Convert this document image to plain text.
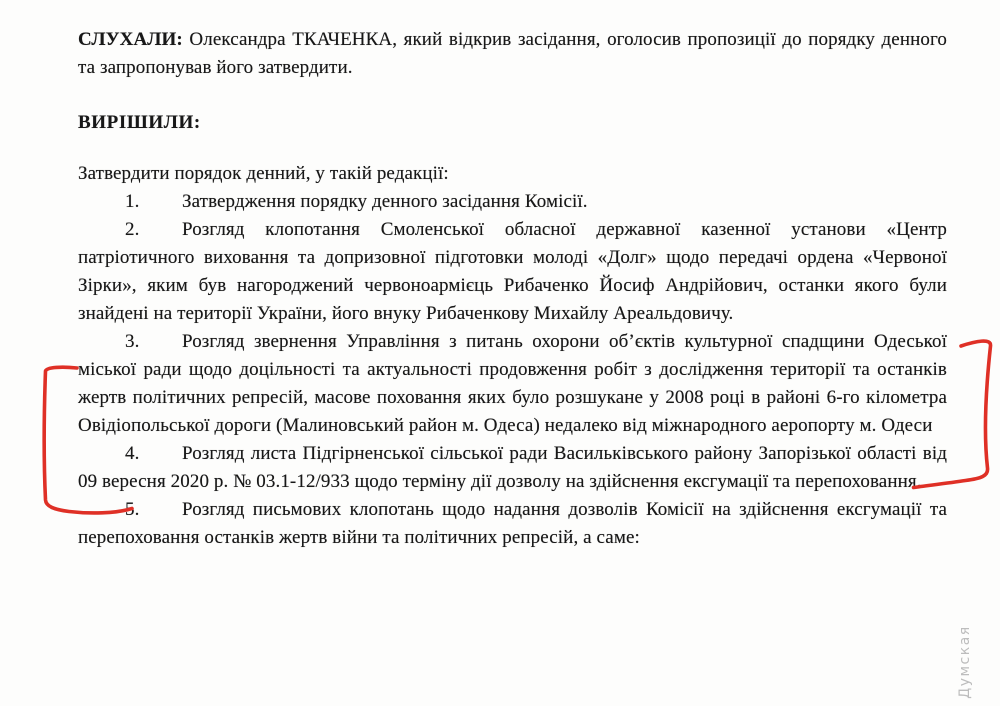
СЛУХАЛИ: Олександра ТКАЧЕНКА, який відкрив засідання, оголосив пропозиції до порядку денного та запропонував його затвердити.

ВИРІШИЛИ:

Затвердити порядок денний, у такій редакції:

1. Затвердження порядку денного засідання Комісії.

2. Розгляд клопотання Смоленської обласної державної казенної установи «Центр патріотичного виховання та допризовної підготовки молоді «Долг» щодо передачі ордена «Червоної Зірки», яким був нагороджений червоноармієць Рибаченко Йосиф Андрійович, останки якого були знайдені на території України, його внуку Рибаченкову Михайлу Ареальдовичу.

3. Розгляд звернення Управління з питань охорони об’єктів культурної спадщини Одеської міської ради щодо доцільності та актуальності продовження робіт з дослідження території та останків жертв політичних репресій, масове поховання яких було розшукане у 2008 році в районі 6-го кілометра Овідіопольської дороги (Малиновський район м. Одеса) недалеко від міжнародного аеропорту м. Одеси

4. Розгляд листа Підгірненської сільської ради Васильківського району Запорізької області від 09 вересня 2020 р. № 03.1-12/933 щодо терміну дії дозволу на здійснення ексгумації та перепоховання.

5. Розгляд письмових клопотань щодо надання дозволів Комісії на здійснення ексгумації та перепоховання останків жертв війни та політичних репресій, а саме:

Думская
